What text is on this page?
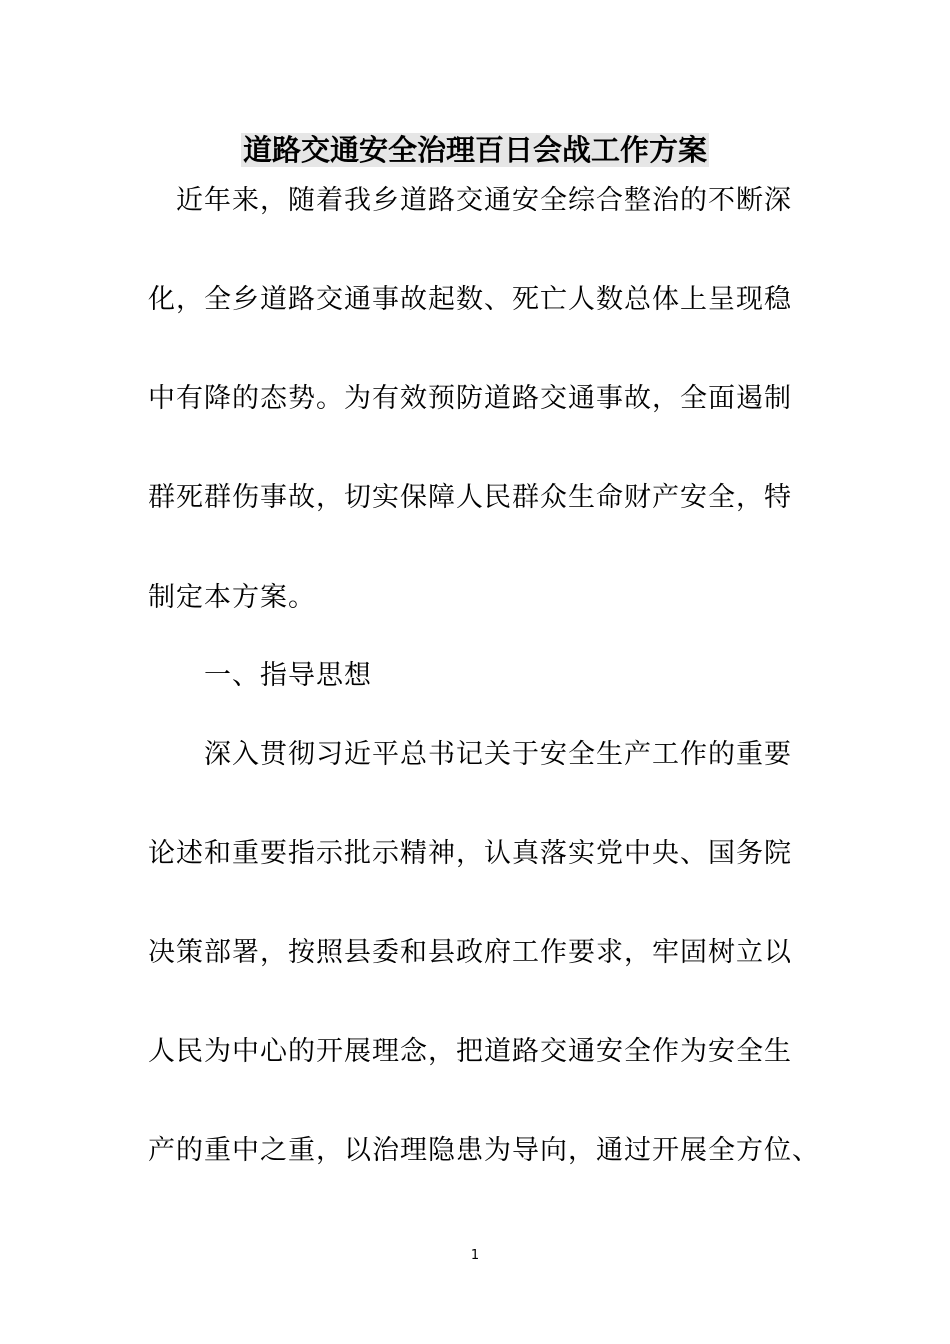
道路交通安全治理百日会战工作方案
近年来，随着我乡道路交通安全综合整治的不断深
化，全乡道路交通事故起数、死亡人数总体上呈现稳
中有降的态势。为有效预防道路交通事故，全面遏制
群死群伤事故，切实保障人民群众生命财产安全，特
制定本方案。
一、指导思想
深入贯彻习近平总书记关于安全生产工作的重要
论述和重要指示批示精神，认真落实党中央、国务院
决策部署，按照县委和县政府工作要求，牢固树立以
人民为中心的开展理念，把道路交通安全作为安全生
产的重中之重，以治理隐患为导向，通过开展全方位、
1
